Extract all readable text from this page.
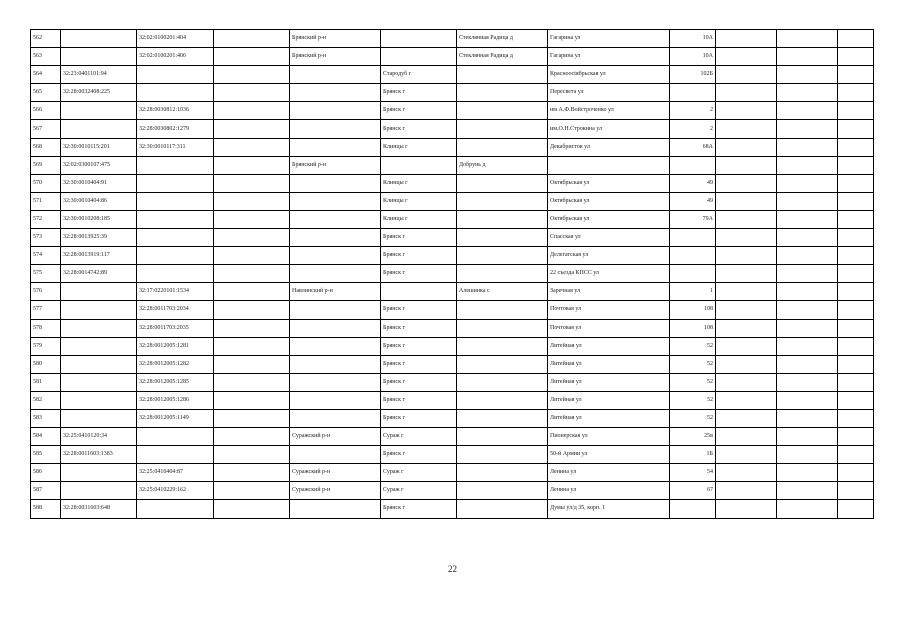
562		32:02:0100201:404		Брянский р-н		Стеклянная Радица д	Гагарина ул	10А			
563		32:02:0100201:406		Брянский р-н		Стеклянная Радица д	Гагарина ул	10А			
564	32:23:0401101:94				Стародуб г		Красноoctябрьская ул	102Б			
565	32:28:0032408:225				Брянск г		Пересвета ул				
566		32:28:0030812:1036			Брянск г		им А.Ф.Войстроченко ул	2			
567		32:28:0030802:1279			Брянск г		им.О.Н.Строкина ул	2			
568	32:30:0010115:201	32:30:0010117:311			Клинцы г		Декабристов ул	68А			
569	32:02:0300107:475			Брянский р-н		Добрунь д					
570	32:30:0010404:91				Клинцы г		Октябрьская ул	49			
571	32:30:0010404:86				Клинцы г		Октябрьская ул	49			
572	32:30:0010208:185				Клинцы г		Октябрьская ул	79А			
573	32:28:0013925:39				Брянск г		Спасская ул				
574	32:28:0013919:117				Брянск г		Делегатская ул				
575	32:28:0014742:89				Брянск г		22 съезда КПСС ул				
576		32:17:0220101:1534		Навлинский р-н		Алешинка с	Заречная ул	1			
577		32:28:0011703:2034			Брянск г		Почтовая ул	108			
578		32:28:0011703:2035			Брянск г		Почтовая ул	108			
579		32:28:0012005:1281			Брянск г		Литейная ул	52			
580		32:28:0012005:1282			Брянск г		Литейная ул	52			
581		32:28:0012005:1285			Брянск г		Литейная ул	52			
582		32:28:0012005:1286			Брянск г		Литейная ул	52			
583		32:28:0012005:1149			Брянск г		Литейная ул	52			
584	32:25:0410120:34			Суражский р-н	Сураж г		Пионерская ул	25в			
585	32:28:0011603:1383				Брянск г		50-й Армии ул	1Б			
586		32:25:0410404:87		Суражский р-н	Сураж г		Ленина ул	54			
587		32:25:0410229:162		Суражский р-н	Сураж г		Ленина ул	67			
588	32:28:0031603:648				Брянск г		Думы ул/д 35, корп. 1				
22
